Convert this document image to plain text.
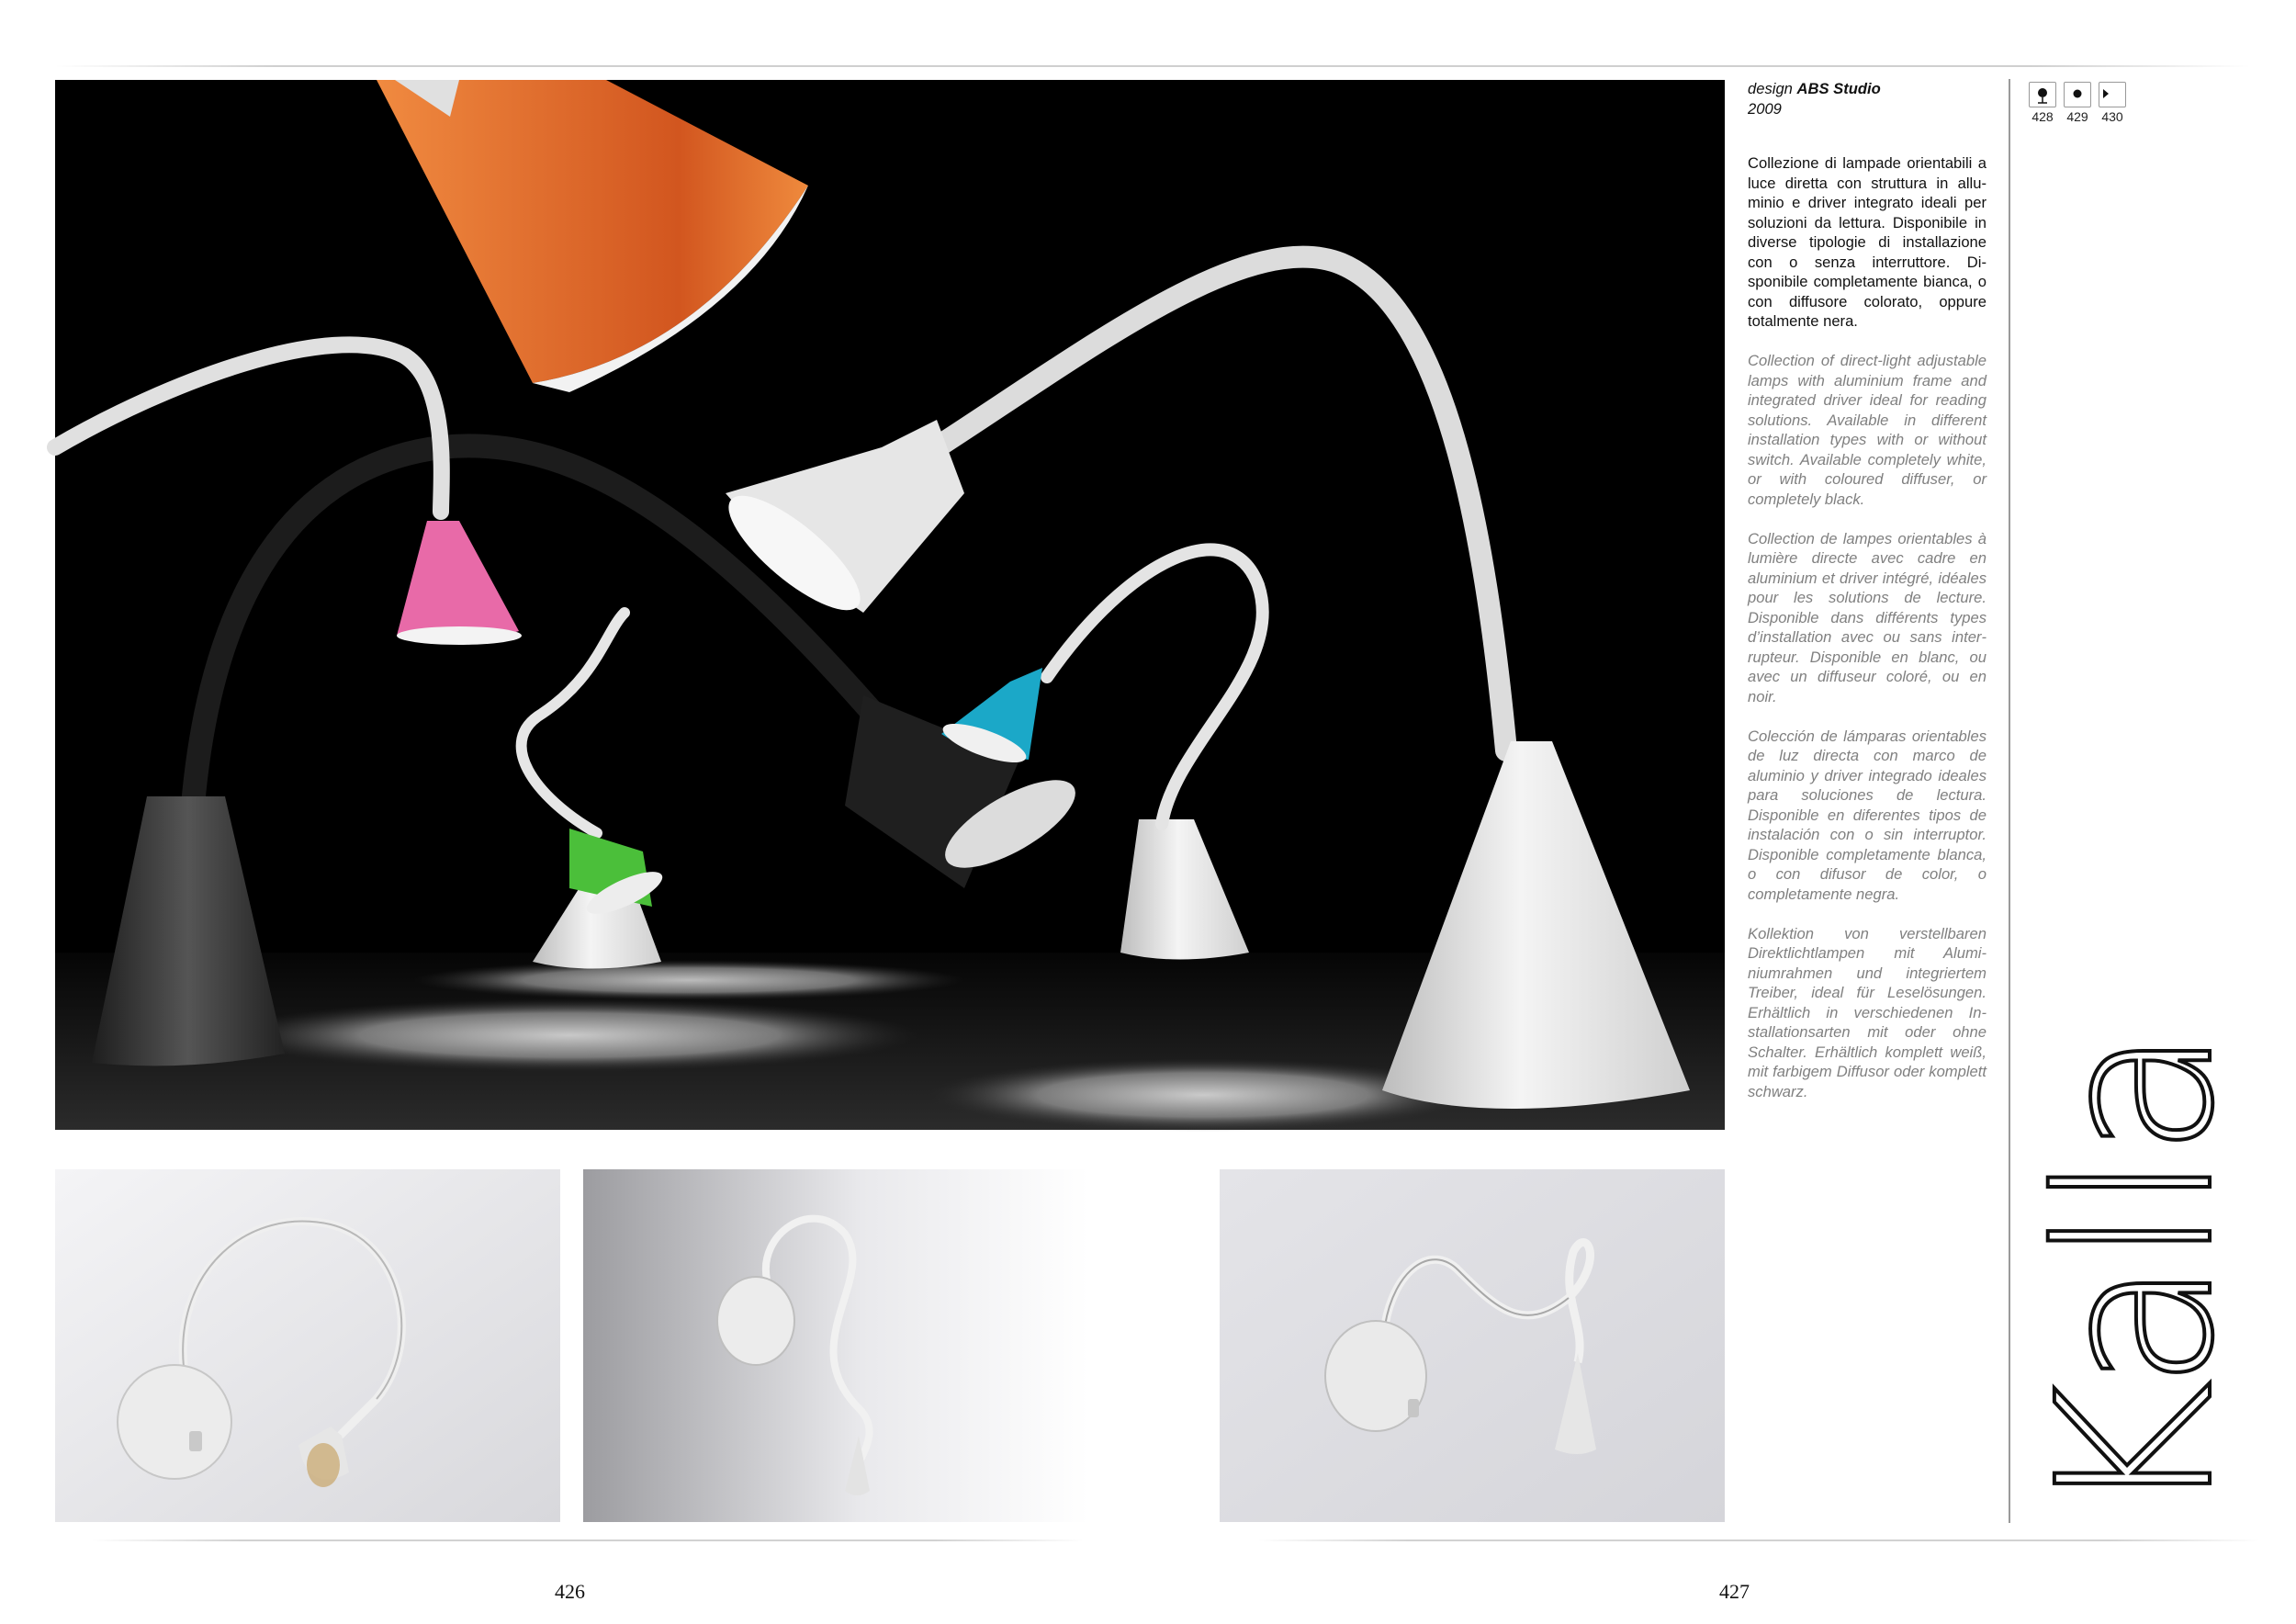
design ABS Studio

2009

Collezione di lampade orientabili a luce diretta con struttura in alluminio e driver integrato ideali per soluzioni da lettura. Disponibile in diverse tipologie di installazione con o senza interruttore. Disponibile completamente bianca, o con diffusore colorato, oppure totalmente nera.

Collection of direct-light adjustable lamps with aluminium frame and integrated driver ideal for reading solutions. Available in different installation types with or without switch. Available completely white, or with coloured diffuser, or completely black.

Collection de lampes orientables à lumière directe avec cadre en aluminium et driver intégré, idéales pour les solutions de lecture. Disponible dans différents types d’installation avec ou sans interrupteur. Disponible en blanc, ou avec un diffuseur coloré, ou en noir.

Colección de lámparas orientables de luz directa con marco de aluminio y driver integrado ideales para soluciones de lectura. Disponible en diferentes tipos de instalación con o sin interruptor. Disponible completamente blanca, o con difusor de color, o completamente negra.

Kollektion von verstellbaren Direktlichtlampen mit Aluminiumrahmen und integriertem Treiber, ideal für Leselösungen. Erhältlich in verschiedenen Installationsarten mit oder ohne Schalter. Erhältlich komplett weiß, mit farbigem Diffusor oder komplett schwarz.

428 429 430
Kalla
426	427
